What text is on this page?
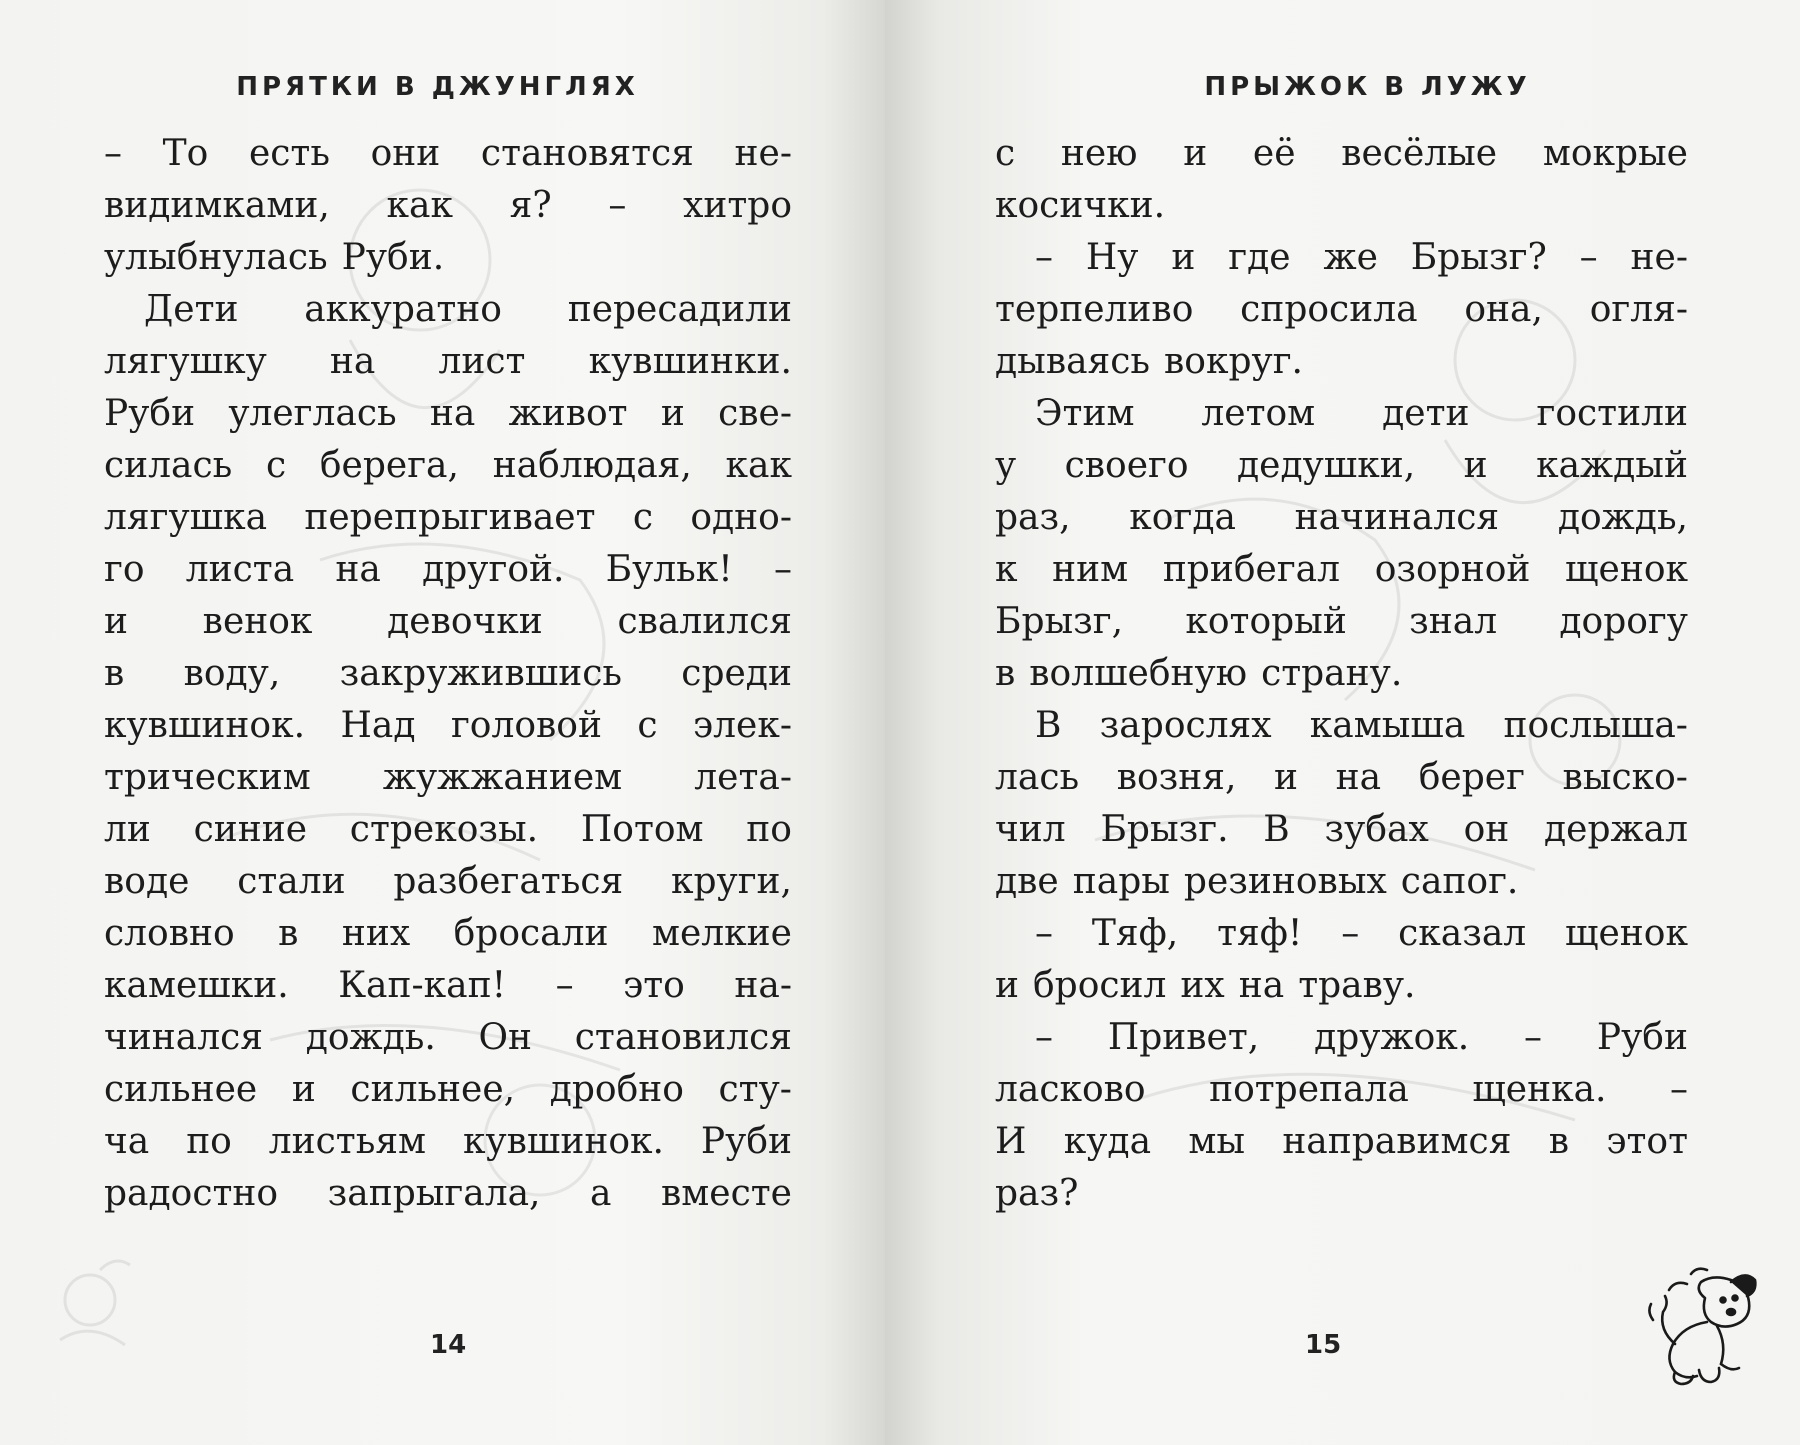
ПРЯТКИ В ДЖУНГЛЯХ
– То есть они становятся не-
видимками, как я? – хитро
улыбнулась Руби.
Дети аккуратно пересадили
лягушку на лист кувшинки.
Руби улеглась на живот и све-
силась с берега, наблюдая, как
лягушка перепрыгивает с одно-
го листа на другой. Бульк! –
и венок девочки свалился
в воду, закружившись среди
кувшинок. Над головой с элек-
трическим жужжанием лета-
ли синие стрекозы. Потом по
воде стали разбегаться круги,
словно в них бросали мелкие
камешки. Кап-кап! – это на-
чинался дождь. Он становился
сильнее и сильнее, дробно сту-
ча по листьям кувшинок. Руби
радостно запрыгала, а вместе
14
ПРЫЖОК В ЛУЖУ
с нею и её весёлые мокрые
косички.
– Ну и где же Брызг? – не-
терпеливо спросила она, огля-
дываясь вокруг.
Этим летом дети гостили
у своего дедушки, и каждый
раз, когда начинался дождь,
к ним прибегал озорной щенок
Брызг, который знал дорогу
в волшебную страну.
В зарослях камыша послыша-
лась возня, и на берег выско-
чил Брызг. В зубах он держал
две пары резиновых сапог.
– Тяф, тяф! – сказал щенок
и бросил их на траву.
– Привет, дружок. – Руби
ласково потрепала щенка. –
И куда мы направимся в этот
раз?
15
